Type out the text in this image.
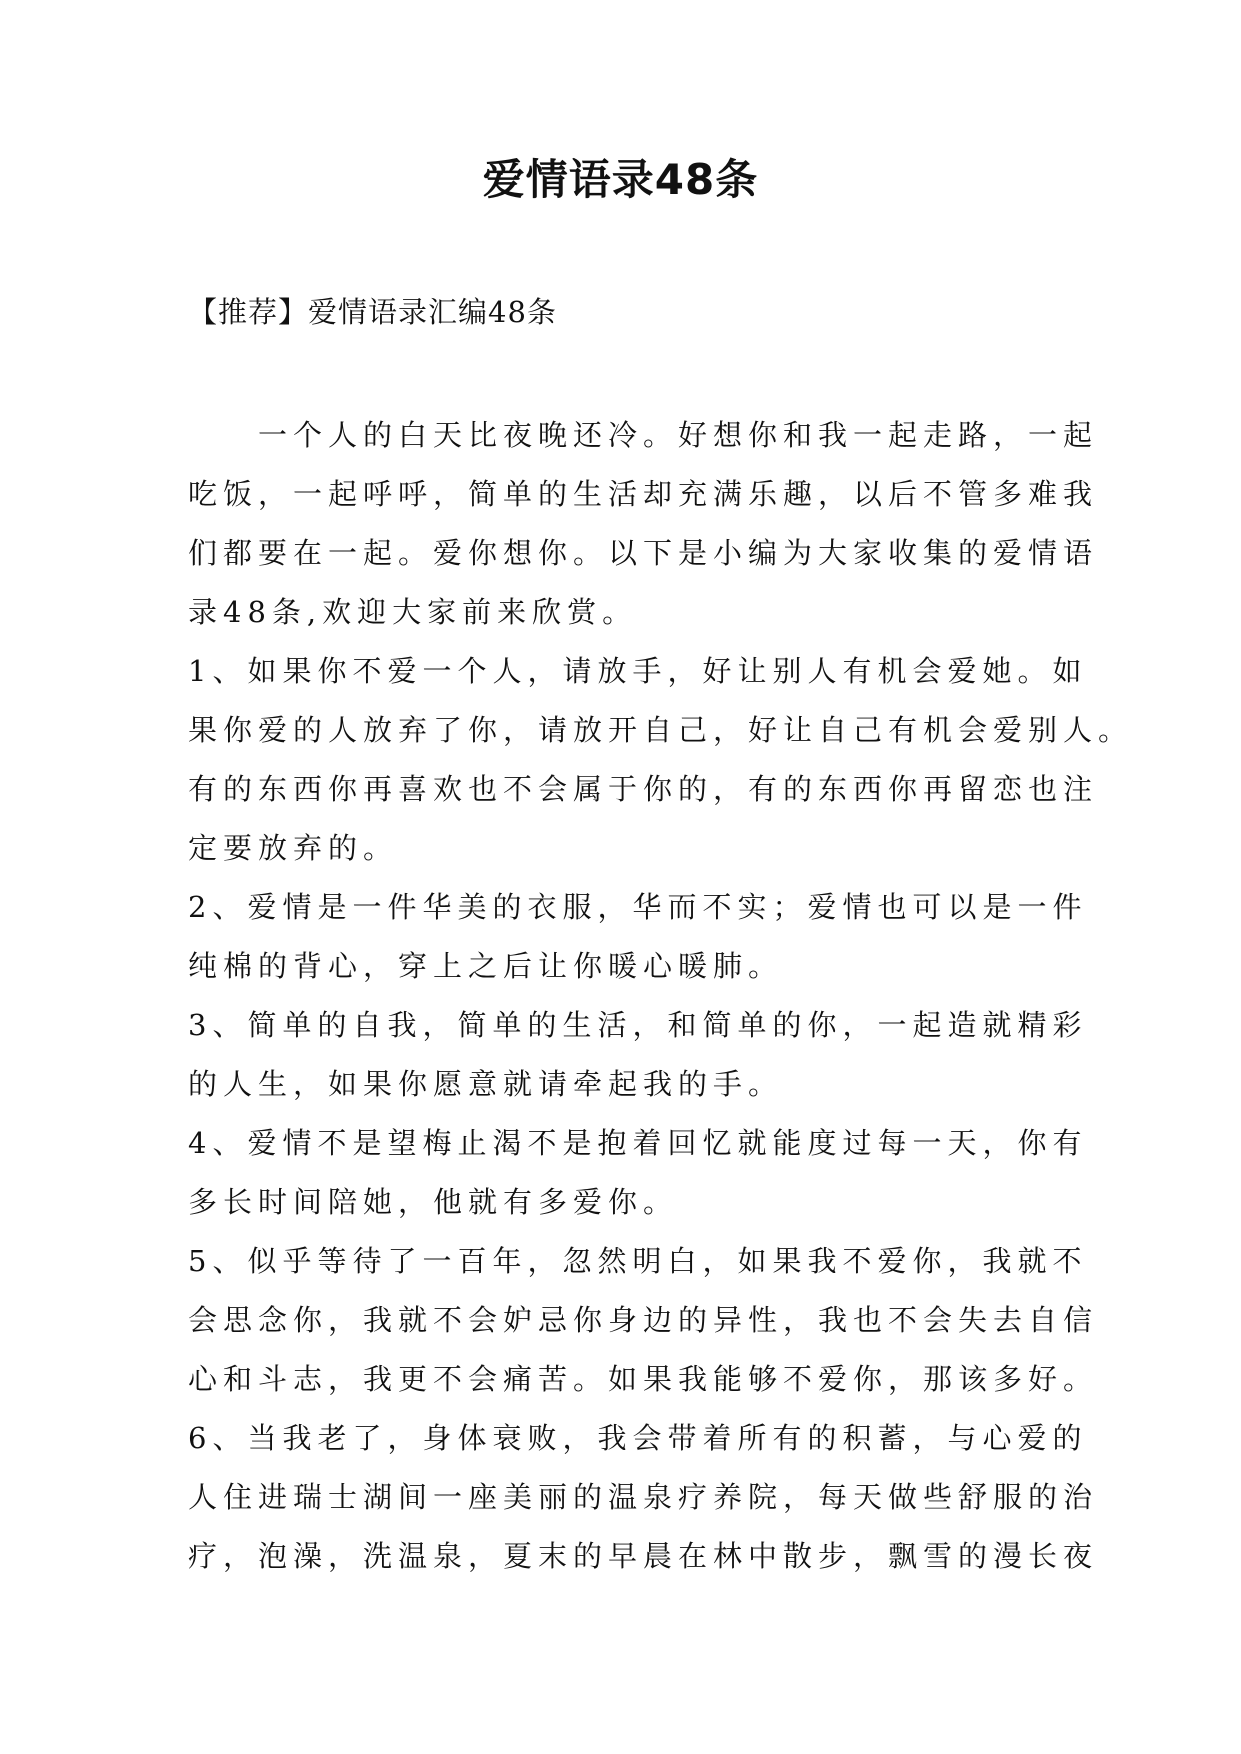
爱情语录48条
【推荐】爱情语录汇编48条
　　一个人的白天比夜晚还冷。好想你和我一起走路，一起
吃饭，一起呼呼，简单的生活却充满乐趣，以后不管多难我
们都要在一起。爱你想你。以下是小编为大家收集的爱情语
录48条,欢迎大家前来欣赏。
1、如果你不爱一个人，请放手，好让别人有机会爱她。如
果你爱的人放弃了你，请放开自己，好让自己有机会爱别人。
有的东西你再喜欢也不会属于你的，有的东西你再留恋也注
定要放弃的。
2、爱情是一件华美的衣服，华而不实；爱情也可以是一件
纯棉的背心，穿上之后让你暖心暖肺。
3、简单的自我，简单的生活，和简单的你，一起造就精彩
的人生，如果你愿意就请牵起我的手。
4、爱情不是望梅止渴不是抱着回忆就能度过每一天，你有
多长时间陪她，他就有多爱你。
5、似乎等待了一百年，忽然明白，如果我不爱你，我就不
会思念你，我就不会妒忌你身边的异性，我也不会失去自信
心和斗志，我更不会痛苦。如果我能够不爱你，那该多好。
6、当我老了，身体衰败，我会带着所有的积蓄，与心爱的
人住进瑞士湖间一座美丽的温泉疗养院，每天做些舒服的治
疗，泡澡，洗温泉，夏末的早晨在林中散步，飘雪的漫长夜
